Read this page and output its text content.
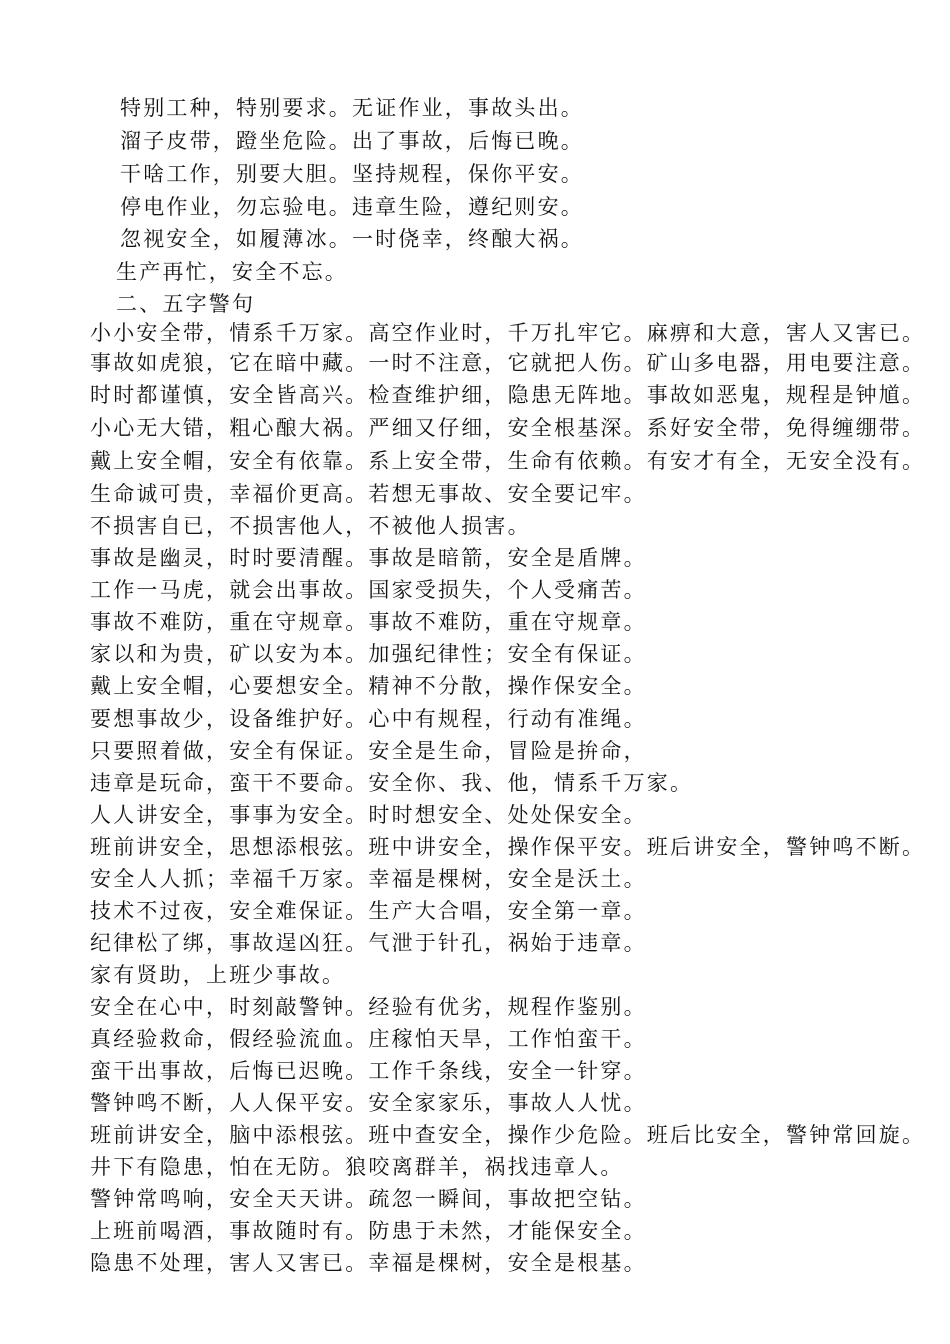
特别工种，特别要求。无证作业，事故头出。
溜子皮带，蹬坐危险。出了事故，后悔已晚。
干啥工作，别要大胆。坚持规程，保你平安。
停电作业，勿忘验电。违章生险，遵纪则安。
忽视安全，如履薄冰。一时侥幸，终酿大祸。
生产再忙，安全不忘。
二、五字警句
小小安全带，情系千万家。高空作业时，千万扎牢它。麻痹和大意，害人又害已。
事故如虎狼，它在暗中藏。一时不注意，它就把人伤。矿山多电器，用电要注意。
时时都谨慎，安全皆高兴。检查维护细，隐患无阵地。事故如恶鬼，规程是钟馗。
小心无大错，粗心酿大祸。严细又仔细，安全根基深。系好安全带，免得缠绷带。
戴上安全帽，安全有依靠。系上安全带，生命有依赖。有安才有全，无安全没有。
生命诚可贵，幸福价更高。若想无事故、安全要记牢。
不损害自已，不损害他人，不被他人损害。
事故是幽灵，时时要清醒。事故是暗箭，安全是盾牌。
工作一马虎，就会出事故。国家受损失，个人受痛苦。
事故不难防，重在守规章。事故不难防，重在守规章。
家以和为贵，矿以安为本。加强纪律性；安全有保证。
戴上安全帽，心要想安全。精神不分散，操作保安全。
要想事故少，设备维护好。心中有规程，行动有准绳。
只要照着做，安全有保证。安全是生命，冒险是拚命，
违章是玩命，蛮干不要命。安全你、我、他，情系千万家。
人人讲安全，事事为安全。时时想安全、处处保安全。
班前讲安全，思想添根弦。班中讲安全，操作保平安。班后讲安全，警钟鸣不断。
安全人人抓；幸福千万家。幸福是棵树，安全是沃土。
技术不过夜，安全难保证。生产大合唱，安全第一章。
纪律松了绑，事故逞凶狂。气泄于针孔，祸始于违章。
家有贤助，上班少事故。
安全在心中，时刻敲警钟。经验有优劣，规程作鉴别。
真经验救命，假经验流血。庄稼怕天旱，工作怕蛮干。
蛮干出事故，后悔已迟晚。工作千条线，安全一针穿。
警钟鸣不断，人人保平安。安全家家乐，事故人人忧。
班前讲安全，脑中添根弦。班中查安全，操作少危险。班后比安全，警钟常回旋。
井下有隐患，怕在无防。狼咬离群羊，祸找违章人。
警钟常鸣响，安全天天讲。疏忽一瞬间，事故把空钻。
上班前喝酒，事故随时有。防患于未然，才能保安全。
隐患不处理，害人又害已。幸福是棵树，安全是根基。
